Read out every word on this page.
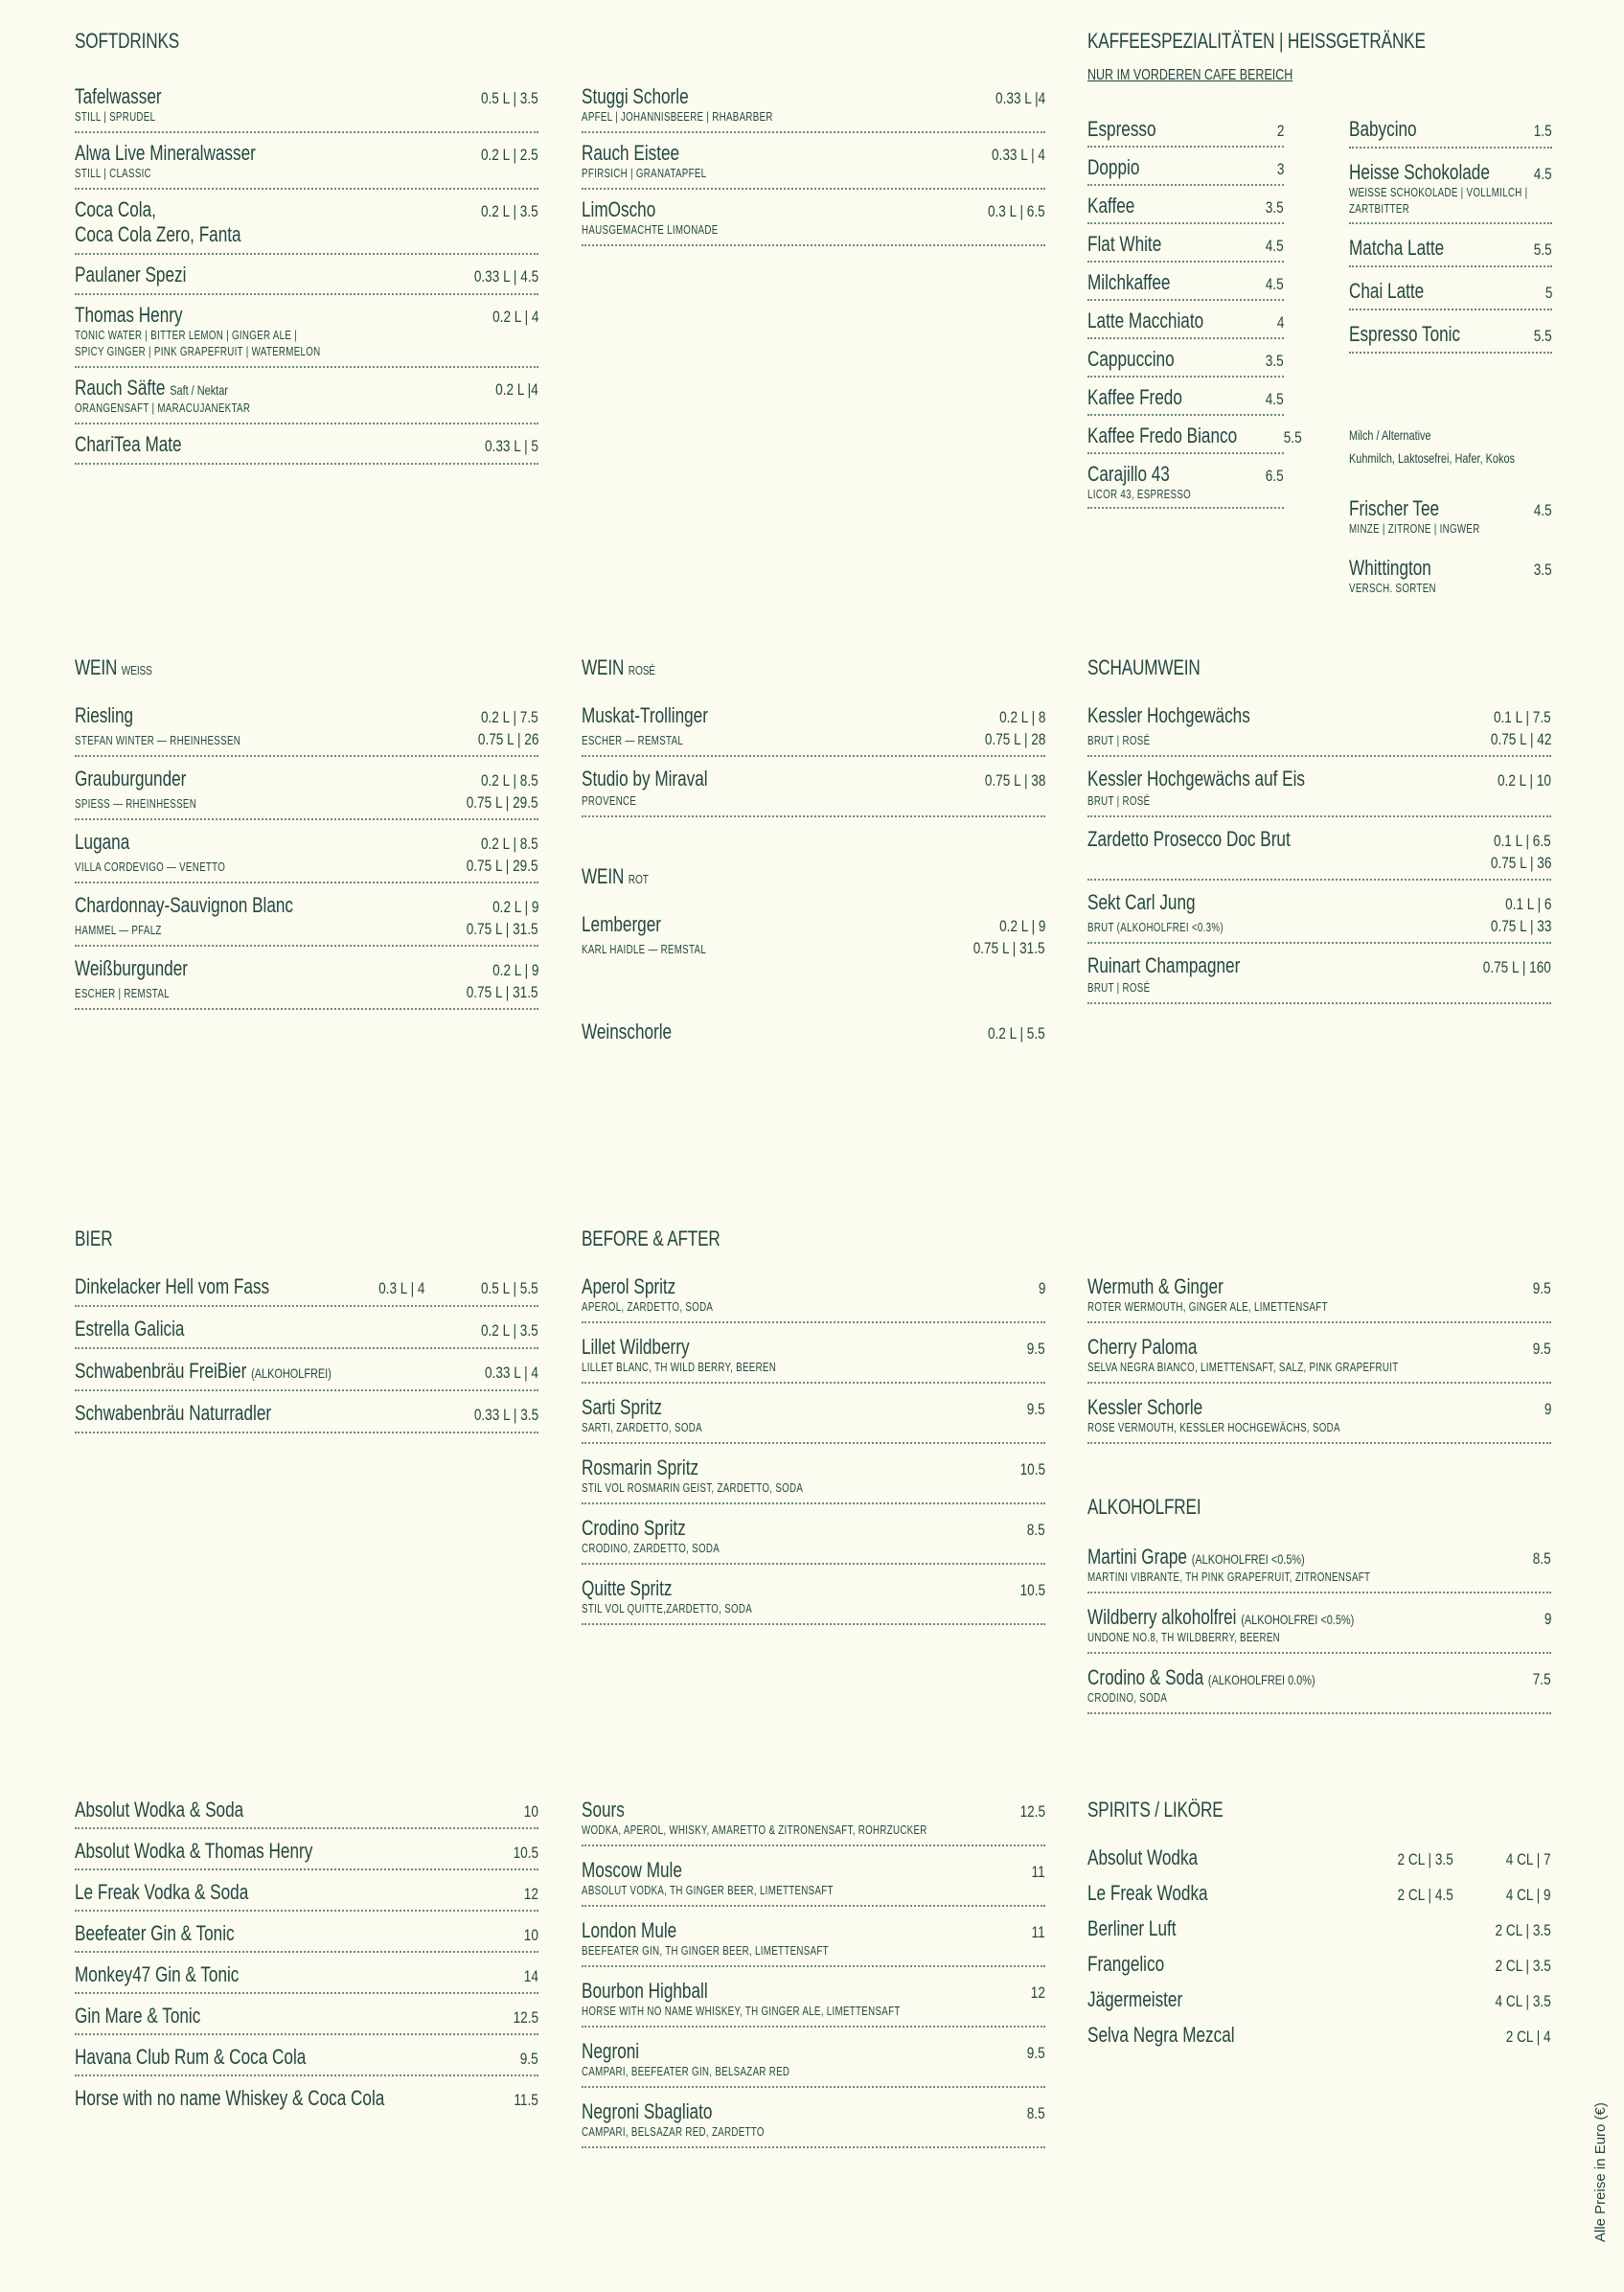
SOFTDRINKS
Tafelwasser	0.5 L | 3.5
STILL | SPRUDEL
Alwa Live Mineralwasser	0.2 L | 2.5
STILL | CLASSIC
Coca Cola,
Coca Cola Zero, Fanta
0.2 L | 3.5
Paulaner Spezi	0.33 L | 4.5
Thomas Henry	0.2 L | 4
TONIC WATER | BITTER LEMON | GINGER ALE |
SPICY GINGER | PINK GRAPEFRUIT | WATERMELON
Rauch Säfte Saft / Nektar	0.2 L |4
ORANGENSAFT | MARACUJANEKTAR
ChariTea Mate	0.33 L | 5
Stuggi Schorle	0.33 L |4
APFEL | JOHANNISBEERE | RHABARBER
Rauch Eistee	0.33 L | 4
PFIRSICH | GRANATAPFEL
LimOscho	0.3 L | 6.5
HAUSGEMACHTE LIMONADE
KAFFEESPEZIALITÄTEN | HEISSGETRÄNKE
NUR IM VORDEREN CAFE BEREICH
Espresso	2
Doppio	3
Kaffee	3.5
Flat White	4.5
Milchkaffee	4.5
Latte Macchiato	4
Cappuccino	3.5
Kaffee Fredo	4.5
Kaffee Fredo Bianco	5.5
Carajillo 43	6.5
LICOR 43, ESPRESSO
Babycino	1.5
Heisse Schokolade	4.5
WEISSE SCHOKOLADE | VOLLMILCH |
ZARTBITTER
Matcha Latte	5.5
Chai Latte	5
Espresso Tonic	5.5
Milch / Alternative
Kuhmilch, Laktosefrei, Hafer, Kokos
Frischer Tee	4.5
MINZE | ZITRONE | INGWER
Whittington	3.5
VERSCH. SORTEN
WEIN WEISS
Riesling	0.2 L | 7.5
STEFAN WINTER — RHEINHESSEN	0.75 L | 26
Grauburgunder	0.2 L | 8.5
SPIESS — RHEINHESSEN	0.75 L | 29.5
Lugana	0.2 L | 8.5
VILLA CORDEVIGO — VENETTO	0.75 L | 29.5
Chardonnay-Sauvignon Blanc	0.2 L | 9
HAMMEL — PFALZ	0.75 L | 31.5
Weißburgunder	0.2 L | 9
ESCHER | REMSTAL	0.75 L | 31.5
WEIN ROSÉ
Muskat-Trollinger	0.2 L | 8
ESCHER — REMSTAL	0.75 L | 28
Studio by Miraval	0.75 L | 38
PROVENCE
WEIN ROT
Lemberger	0.2 L | 9
KARL HAIDLE — REMSTAL	0.75 L | 31.5
Weinschorle	0.2 L | 5.5
SCHAUMWEIN
Kessler Hochgewächs	0.1 L | 7.5
BRUT | ROSÉ	0.75 L | 42
Kessler Hochgewächs auf Eis	0.2 L | 10
BRUT | ROSÉ
Zardetto Prosecco Doc Brut	0.1 L | 6.5
0.75 L | 36
Sekt Carl Jung	0.1 L | 6
BRUT (ALKOHOLFREI <0.3%)	0.75 L | 33
Ruinart Champagner	0.75 L | 160
BRUT | ROSÉ
BIER
Dinkelacker Hell vom Fass	0.3 L | 4	0.5 L | 5.5
Estrella Galicia	0.2 L | 3.5
Schwabenbräu FreiBier (ALKOHOLFREI)	0.33 L | 4
Schwabenbräu Naturradler	0.33 L | 3.5
BEFORE & AFTER
Aperol Spritz	9
APEROL, ZARDETTO, SODA
Lillet Wildberry	9.5
LILLET BLANC, TH WILD BERRY, BEEREN
Sarti Spritz	9.5
SARTI, ZARDETTO, SODA
Rosmarin Spritz	10.5
STIL VOL ROSMARIN GEIST, ZARDETTO, SODA
Crodino Spritz	8.5
CRODINO, ZARDETTO, SODA
Quitte Spritz	10.5
STIL VOL QUITTE,ZARDETTO, SODA
Wermuth & Ginger	9.5
ROTER WERMOUTH, GINGER ALE, LIMETTENSAFT
Cherry Paloma	9.5
SELVA NEGRA BIANCO, LIMETTENSAFT, SALZ, PINK GRAPEFRUIT
Kessler Schorle	9
ROSE VERMOUTH, KESSLER HOCHGEWÄCHS, SODA
ALKOHOLFREI
Martini Grape (ALKOHOLFREI <0.5%)	8.5
MARTINI VIBRANTE, TH PINK GRAPEFRUIT, ZITRONENSAFT
Wildberry alkoholfrei (ALKOHOLFREI <0.5%)	9
UNDONE NO.8, TH WILDBERRY, BEEREN
Crodino & Soda (ALKOHOLFREI 0.0%)	7.5
CRODINO, SODA
Absolut Wodka & Soda	10
Absolut Wodka & Thomas Henry	10.5
Le Freak Vodka & Soda	12
Beefeater Gin & Tonic	10
Monkey47 Gin & Tonic	14
Gin Mare & Tonic	12.5
Havana Club Rum & Coca Cola	9.5
Horse with no name Whiskey & Coca Cola	11.5
Sours	12.5
WODKA, APEROL, WHISKY, AMARETTO & ZITRONENSAFT, ROHRZUCKER
Moscow Mule	11
ABSOLUT VODKA, TH GINGER BEER, LIMETTENSAFT
London Mule	11
BEEFEATER GIN, TH GINGER BEER, LIMETTENSAFT
Bourbon Highball	12
HORSE WITH NO NAME WHISKEY, TH GINGER ALE, LIMETTENSAFT
Negroni	9.5
CAMPARI, BEEFEATER GIN, BELSAZAR RED
Negroni Sbagliato	8.5
CAMPARI, BELSAZAR RED, ZARDETTO
SPIRITS / LIKÖRE
Absolut Wodka	2 CL | 3.5	4 CL | 7
Le Freak Wodka	2 CL | 4.5	4 CL | 9
Berliner Luft	2 CL | 3.5
Frangelico	2 CL | 3.5
Jägermeister	4 CL | 3.5
Selva Negra Mezcal	2 CL | 4
Alle Preise in Euro (€)
